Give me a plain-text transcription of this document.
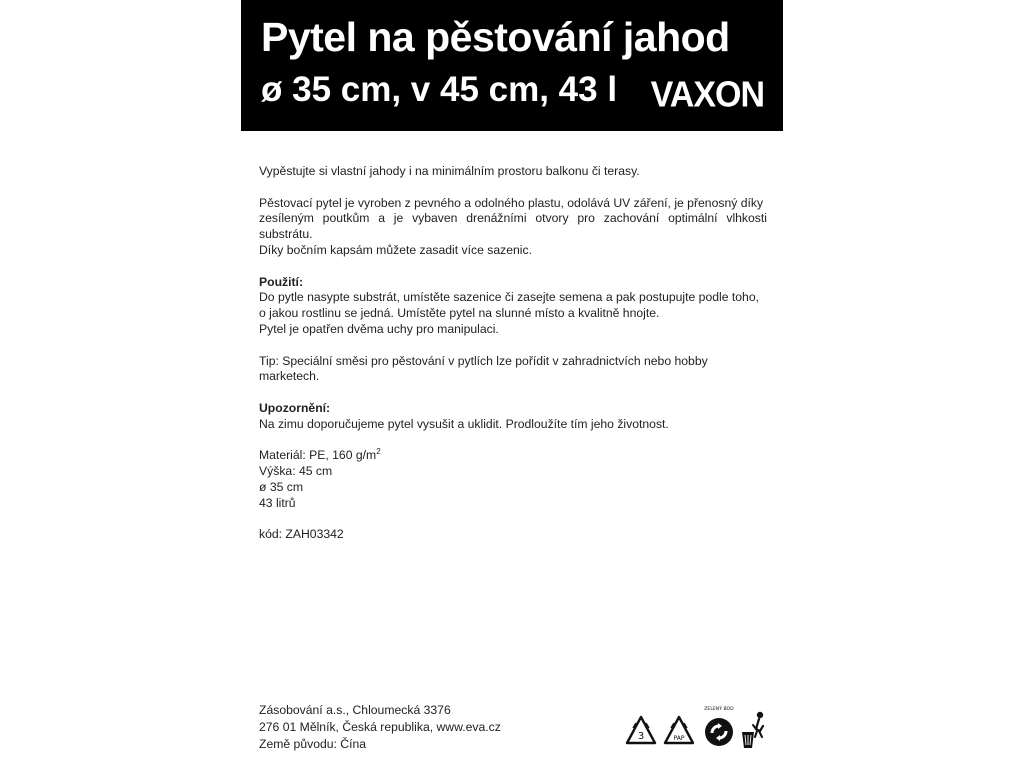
Pytel na pěstování jahod
ø 35 cm, v 45 cm, 43 l VAXON

Vypěstujte si vlastní jahody i na minimálním prostoru balkonu či terasy.

Pěstovací pytel je vyroben z pevného a odolného plastu, odolává UV záření, je přenosný díky
zesíleným poutkům a je vybaven drenážními otvory pro zachování optimální vlhkosti substrátu.
Díky bočním kapsám můžete zasadit více sazenic.

Použití:
Do pytle nasypte substrát, umístěte sazenice či zasejte semena a pak postupujte podle toho,
o jakou rostlinu se jedná. Umístěte pytel na slunné místo a kvalitně hnojte.
Pytel je opatřen dvěma uchy pro manipulaci.

Tip: Speciální směsi pro pěstování v pytlích lze pořídit v zahradnictvích nebo hobby marketech.

Upozornění:
Na zimu doporučujeme pytel vysušit a uklidit. Prodloužíte tím jeho životnost.

Materiál: PE, 160 $g/m^2$
Výška: 45 cm
ø 35 cm
43 litrů

kód: ZAH03342

Zásobování a.s., Chloumecká 3376
276 01 Mělník, Česká republika, www.eva.cz
Země původu: Čína
3	PAP
ZELENÝ BOD
